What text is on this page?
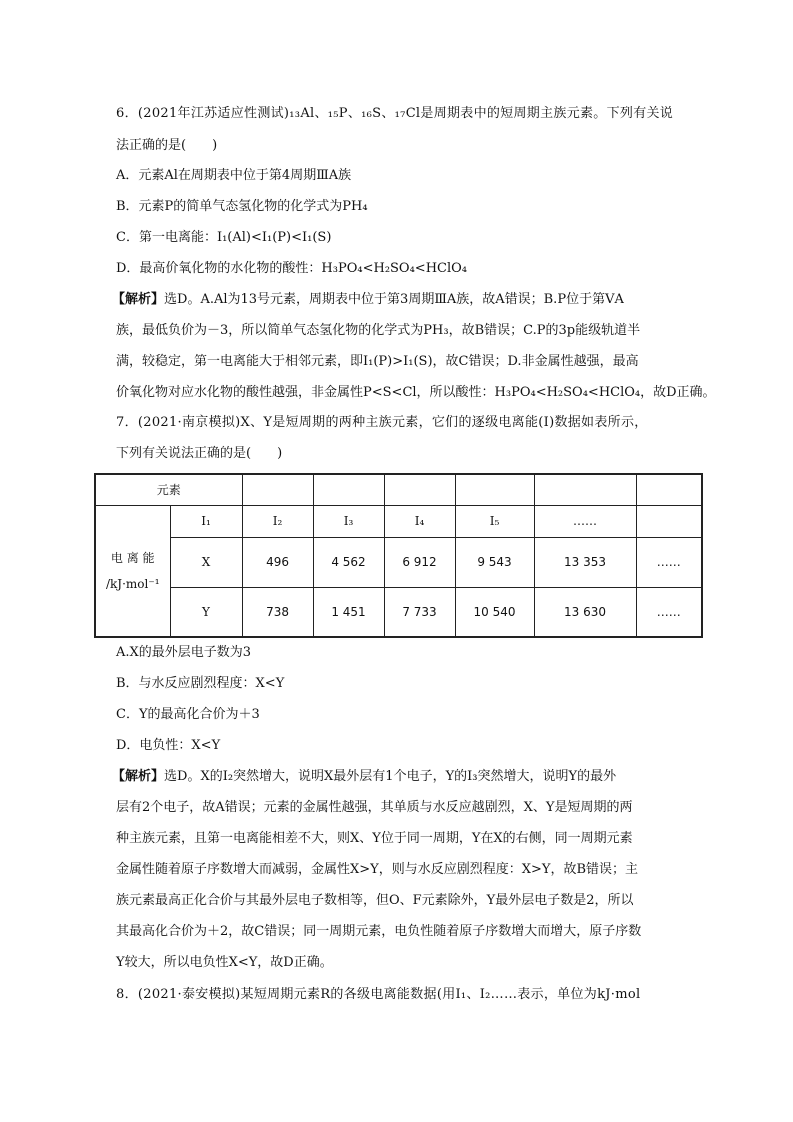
6．(2021年江苏适应性测试)₁₃Al、₁₅P、₁₆S、₁₇Cl是周期表中的短周期主族元素。下列有关说
法正确的是(　　)
A．元素Al在周期表中位于第4周期ⅢA族
B．元素P的简单气态氢化物的化学式为PH₄
C．第一电离能：I₁(Al)<I₁(P)<I₁(S)
D．最高价氧化物的水化物的酸性：H₃PO₄<H₂SO₄<HClO₄
【解析】选D。A.Al为13号元素，周期表中位于第3周期ⅢA族，故A错误；B.P位于第ⅤA
族，最低负价为－3，所以简单气态氢化物的化学式为PH₃，故B错误；C.P的3p能级轨道半
满，较稳定，第一电离能大于相邻元素，即I₁(P)>I₁(S)，故C错误；D.非金属性越强，最高
价氧化物对应水化物的酸性越强，非金属性P<S<Cl，所以酸性：H₃PO₄<H₂SO₄<HClO₄，故D正确。
7．(2021·南京模拟)X、Y是短周期的两种主族元素，它们的逐级电离能(I)数据如表所示，
下列有关说法正确的是(　　)
元素							
电 离 能 /kJ·mol⁻¹	I₁	I₂	I₃	I₄	I₅	……	
	X	496	4 562	6 912	9 543	13 353	……
	Y	738	1 451	7 733	10 540	13 630	……
A.X的最外层电子数为3
B．与水反应剧烈程度：X<Y
C．Y的最高化合价为＋3
D．电负性：X<Y
【解析】选D。X的I₂突然增大，说明X最外层有1个电子，Y的I₃突然增大，说明Y的最外
层有2个电子，故A错误；元素的金属性越强，其单质与水反应越剧烈，X、Y是短周期的两
种主族元素，且第一电离能相差不大，则X、Y位于同一周期，Y在X的右侧，同一周期元素
金属性随着原子序数增大而减弱，金属性X>Y，则与水反应剧烈程度：X>Y，故B错误；主
族元素最高正化合价与其最外层电子数相等，但O、F元素除外，Y最外层电子数是2，所以
其最高化合价为＋2，故C错误；同一周期元素，电负性随着原子序数增大而增大，原子序数
Y较大，所以电负性X<Y，故D正确。
8．(2021·泰安模拟)某短周期元素R的各级电离能数据(用I₁、I₂……表示，单位为kJ·mol
